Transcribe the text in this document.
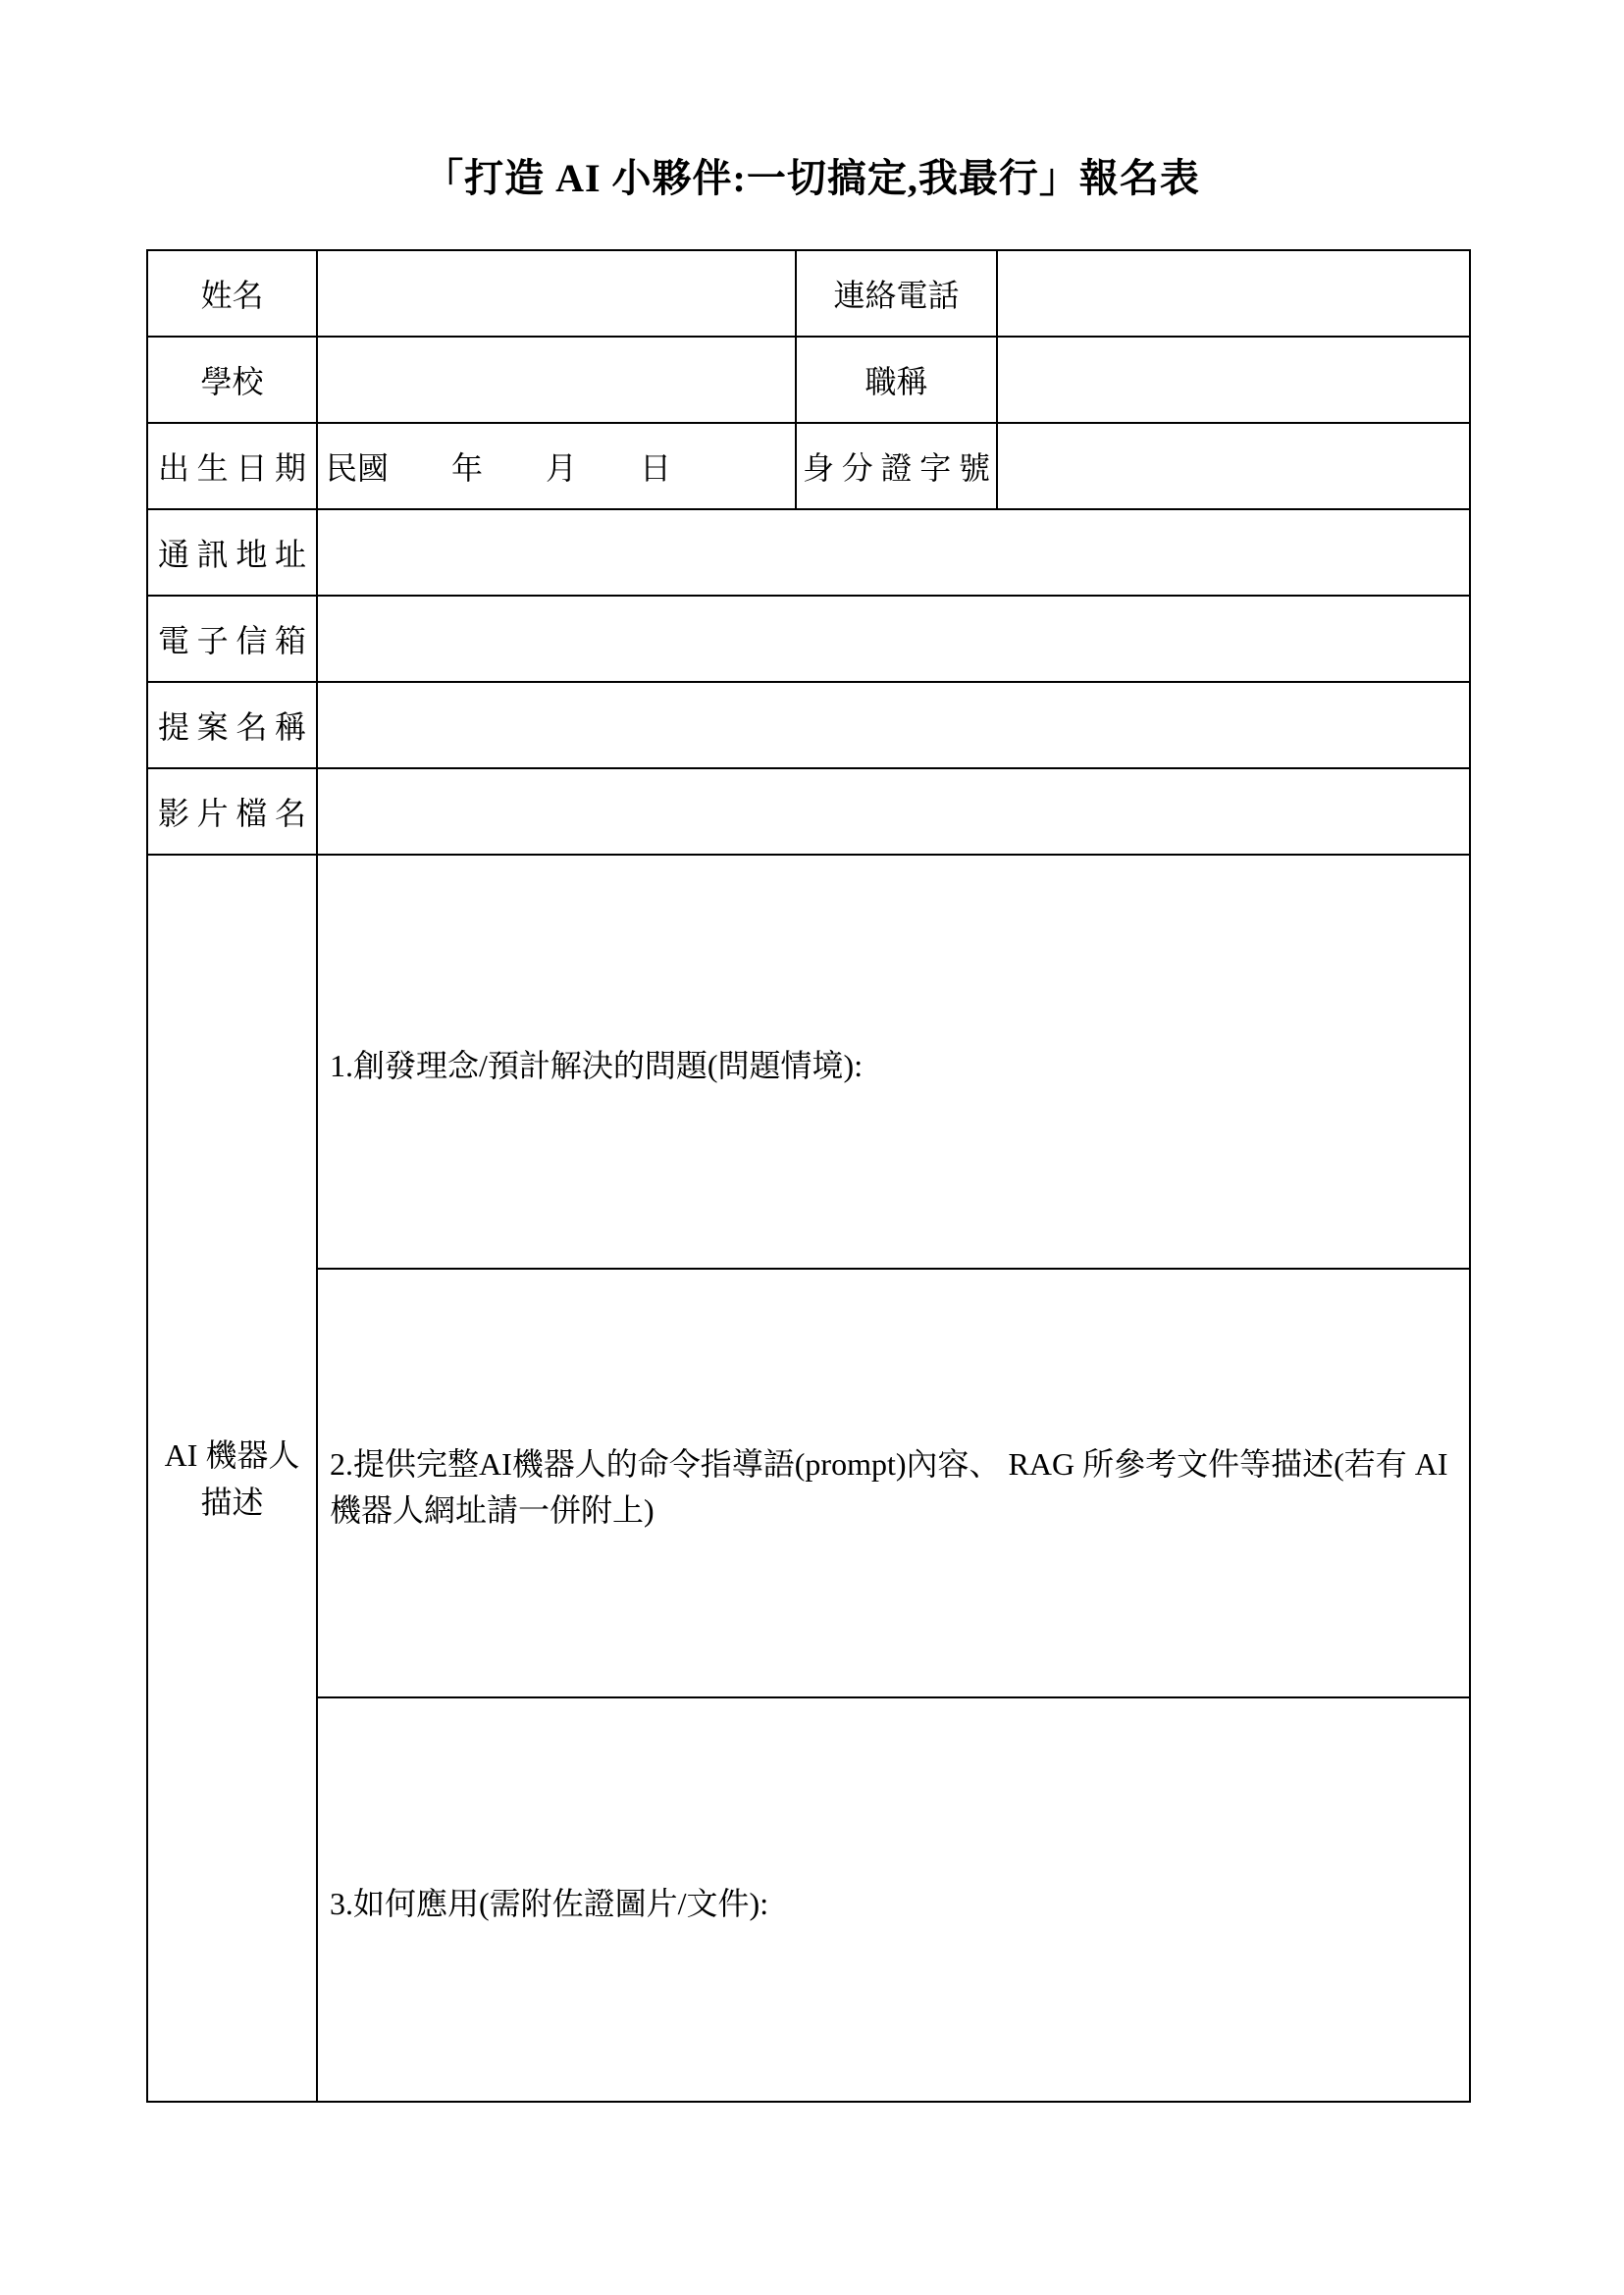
「打造 AI 小夥伴:一切搞定,我最行」報名表
姓名		連絡電話	
學校		職稱	
出生日期	民國　　年　　月　　日	身分證字號	
通訊地址			
電子信箱			
提案名稱			
影片檔名			

AI 機器人
描述	1.創發理念/預計解決的問題(問題情境):		
	2.提供完整AI機器人的命令指導語(prompt)內容、 RAG 所參考文件等描述(若有 AI 機器人網址請一併附上)		
	3.如何應用(需附佐證圖片/文件):		
